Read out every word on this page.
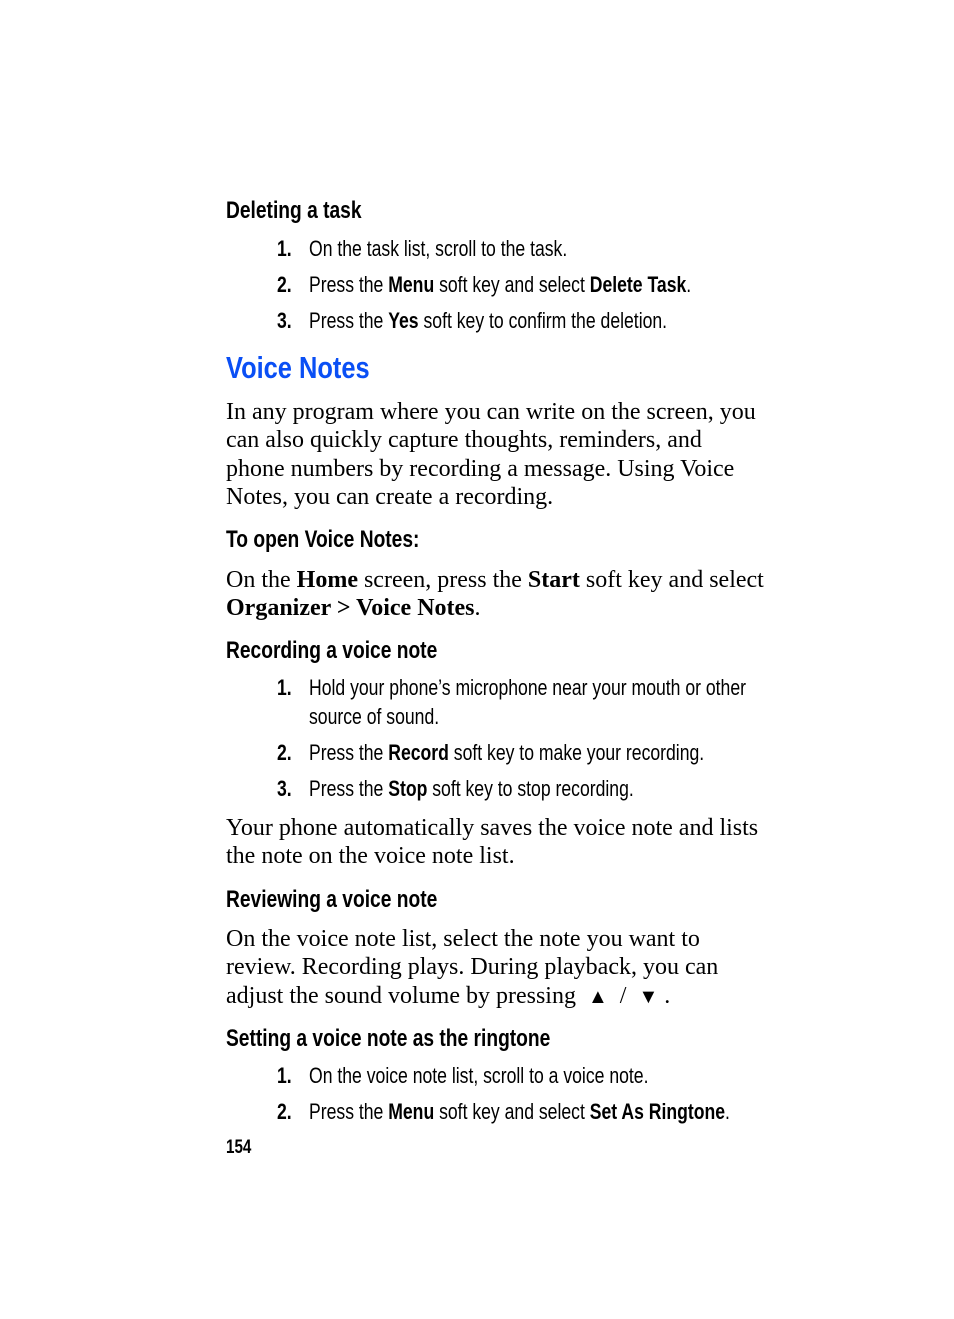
Deleting a task
1. On the task list, scroll to the task.
2. Press the Menu soft key and select Delete Task.
3. Press the Yes soft key to confirm the deletion.
Voice Notes
In any program where you can write on the screen, you
can also quickly capture thoughts, reminders, and
phone numbers by recording a message. Using Voice
Notes, you can create a recording.
To open Voice Notes:
On the Home screen, press the Start soft key and select
Organizer > Voice Notes.
Recording a voice note
1. Hold your phone’s microphone near your mouth or other
source of sound.
2. Press the Record soft key to make your recording.
3. Press the Stop soft key to stop recording.
Your phone automatically saves the voice note and lists
the note on the voice note list.
Reviewing a voice note
On the voice note list, select the note you want to
review. Recording plays. During playback, you can
adjust the sound volume by pressing ▲ / ▼ .
Setting a voice note as the ringtone
1. On the voice note list, scroll to a voice note.
2. Press the Menu soft key and select Set As Ringtone.
154
